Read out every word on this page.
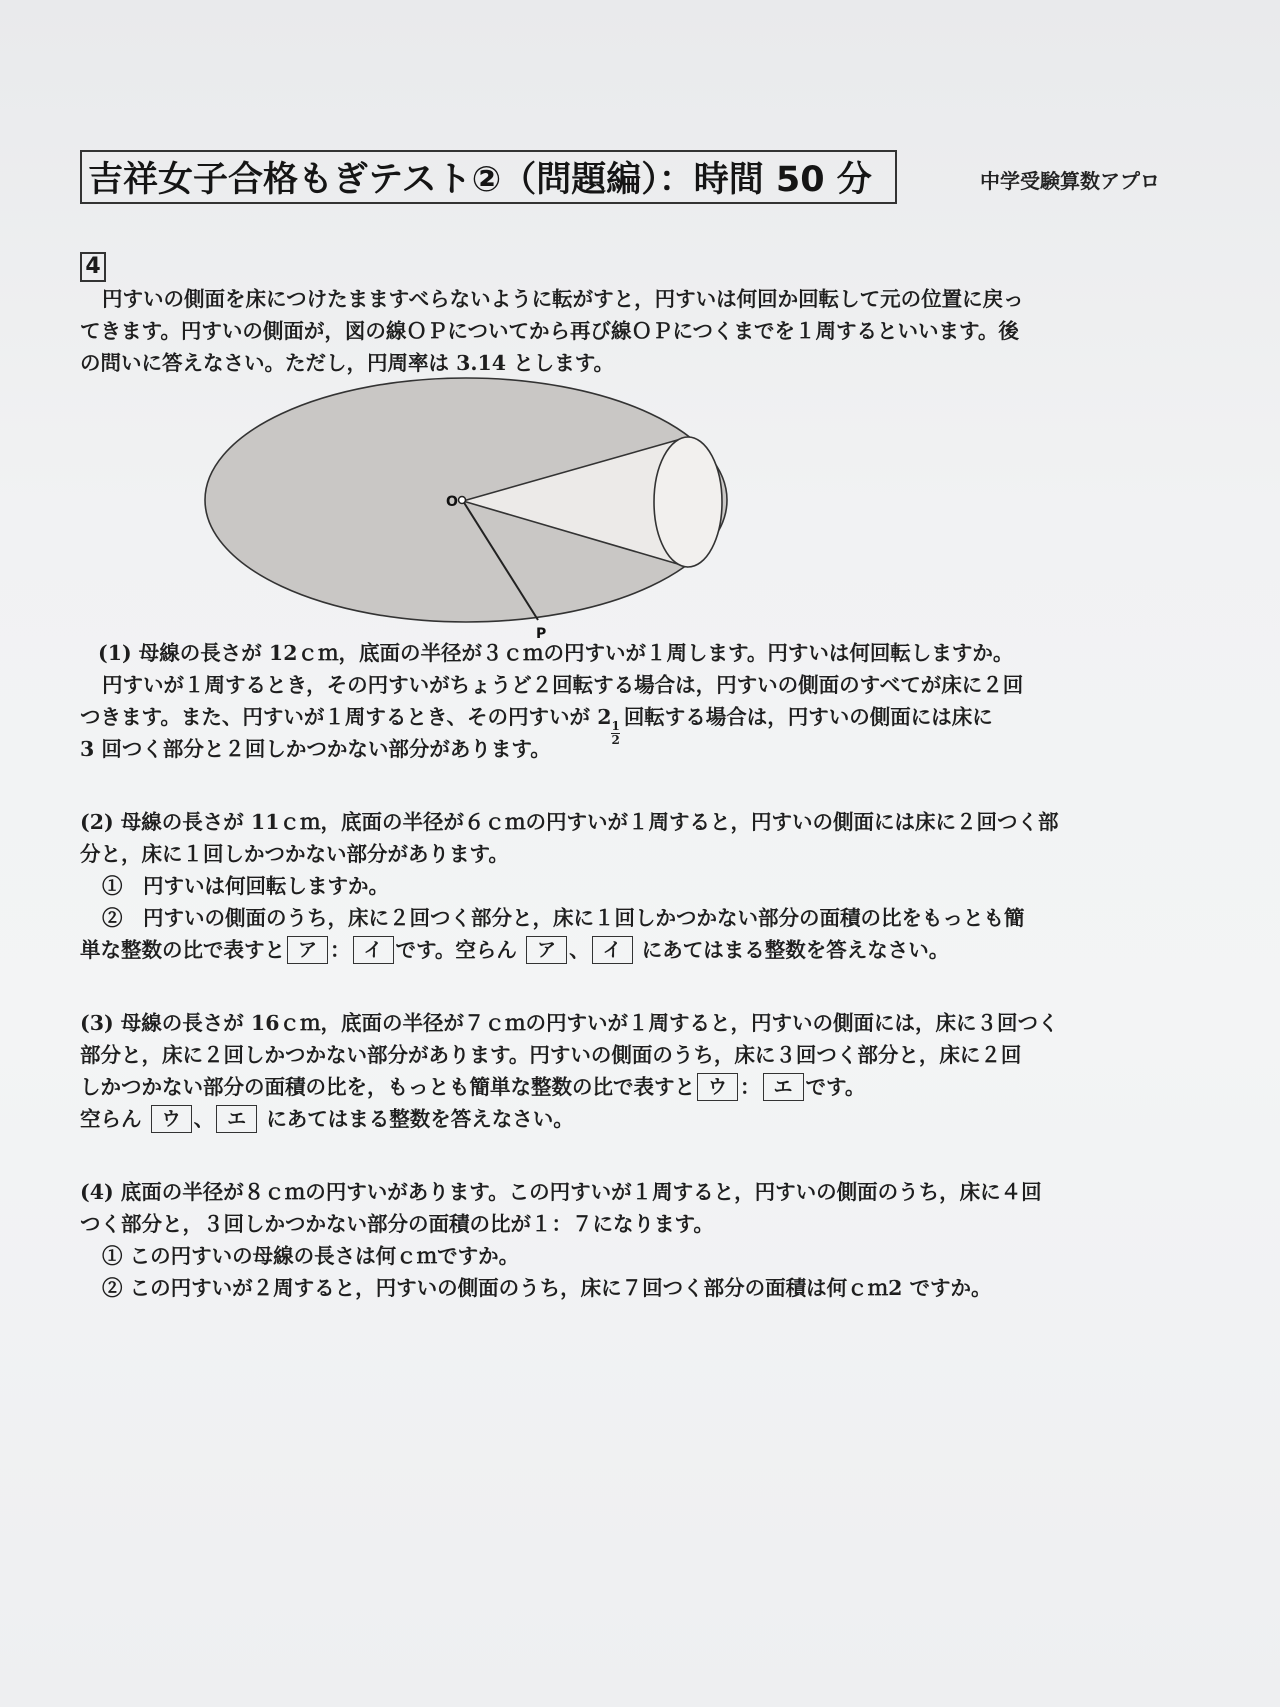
吉祥女子合格もぎテスト②（問題編）：時間 50 分	中学受験算数アプロ
4
円すいの側面を床につけたまますべらないように転がすと，円すいは何回か回転して元の位置に戻っ
てきます。円すいの側面が，図の線ＯＰについてから再び線ＯＰにつくまでを１周するといいます。後
の問いに答えなさい。ただし，円周率は 3.14 とします。
O
P
(1) 母線の長さが 12ｃｍ，底面の半径が３ｃｍの円すいが１周します。円すいは何回転しますか。
円すいが１周するとき，その円すいがちょうど２回転する場合は，円すいの側面のすべてが床に２回
つきます。また、円すいが１周するとき、その円すいが 2
$\frac{1}{2}$
回転する場合は，円すいの側面には床に
3 回つく部分と２回しかつかない部分があります。
(2) 母線の長さが 11ｃｍ，底面の半径が６ｃｍの円すいが１周すると，円すいの側面には床に２回つく部
分と，床に１回しかつかない部分があります。
①　円すいは何回転しますか。
②　円すいの側面のうち，床に２回つく部分と，床に１回しかつかない部分の面積の比をもっとも簡
単な整数の比で表すと ア ： イ です。空らん ア 、 イ にあてはまる整数を答えなさい。
(3) 母線の長さが 16ｃｍ，底面の半径が７ｃｍの円すいが１周すると，円すいの側面には，床に３回つく
部分と，床に２回しかつかない部分があります。円すいの側面のうち，床に３回つく部分と，床に２回
しかつかない部分の面積の比を，もっとも簡単な整数の比で表すと ウ ： エ です。
空らん ウ 、 エ にあてはまる整数を答えなさい。
(4) 底面の半径が８ｃｍの円すいがあります。この円すいが１周すると，円すいの側面のうち，床に４回
つく部分と，３回しかつかない部分の面積の比が１：７になります。
① この円すいの母線の長さは何ｃｍですか。
② この円すいが２周すると，円すいの側面のうち，床に７回つく部分の面積は何ｃｍ2 ですか。
